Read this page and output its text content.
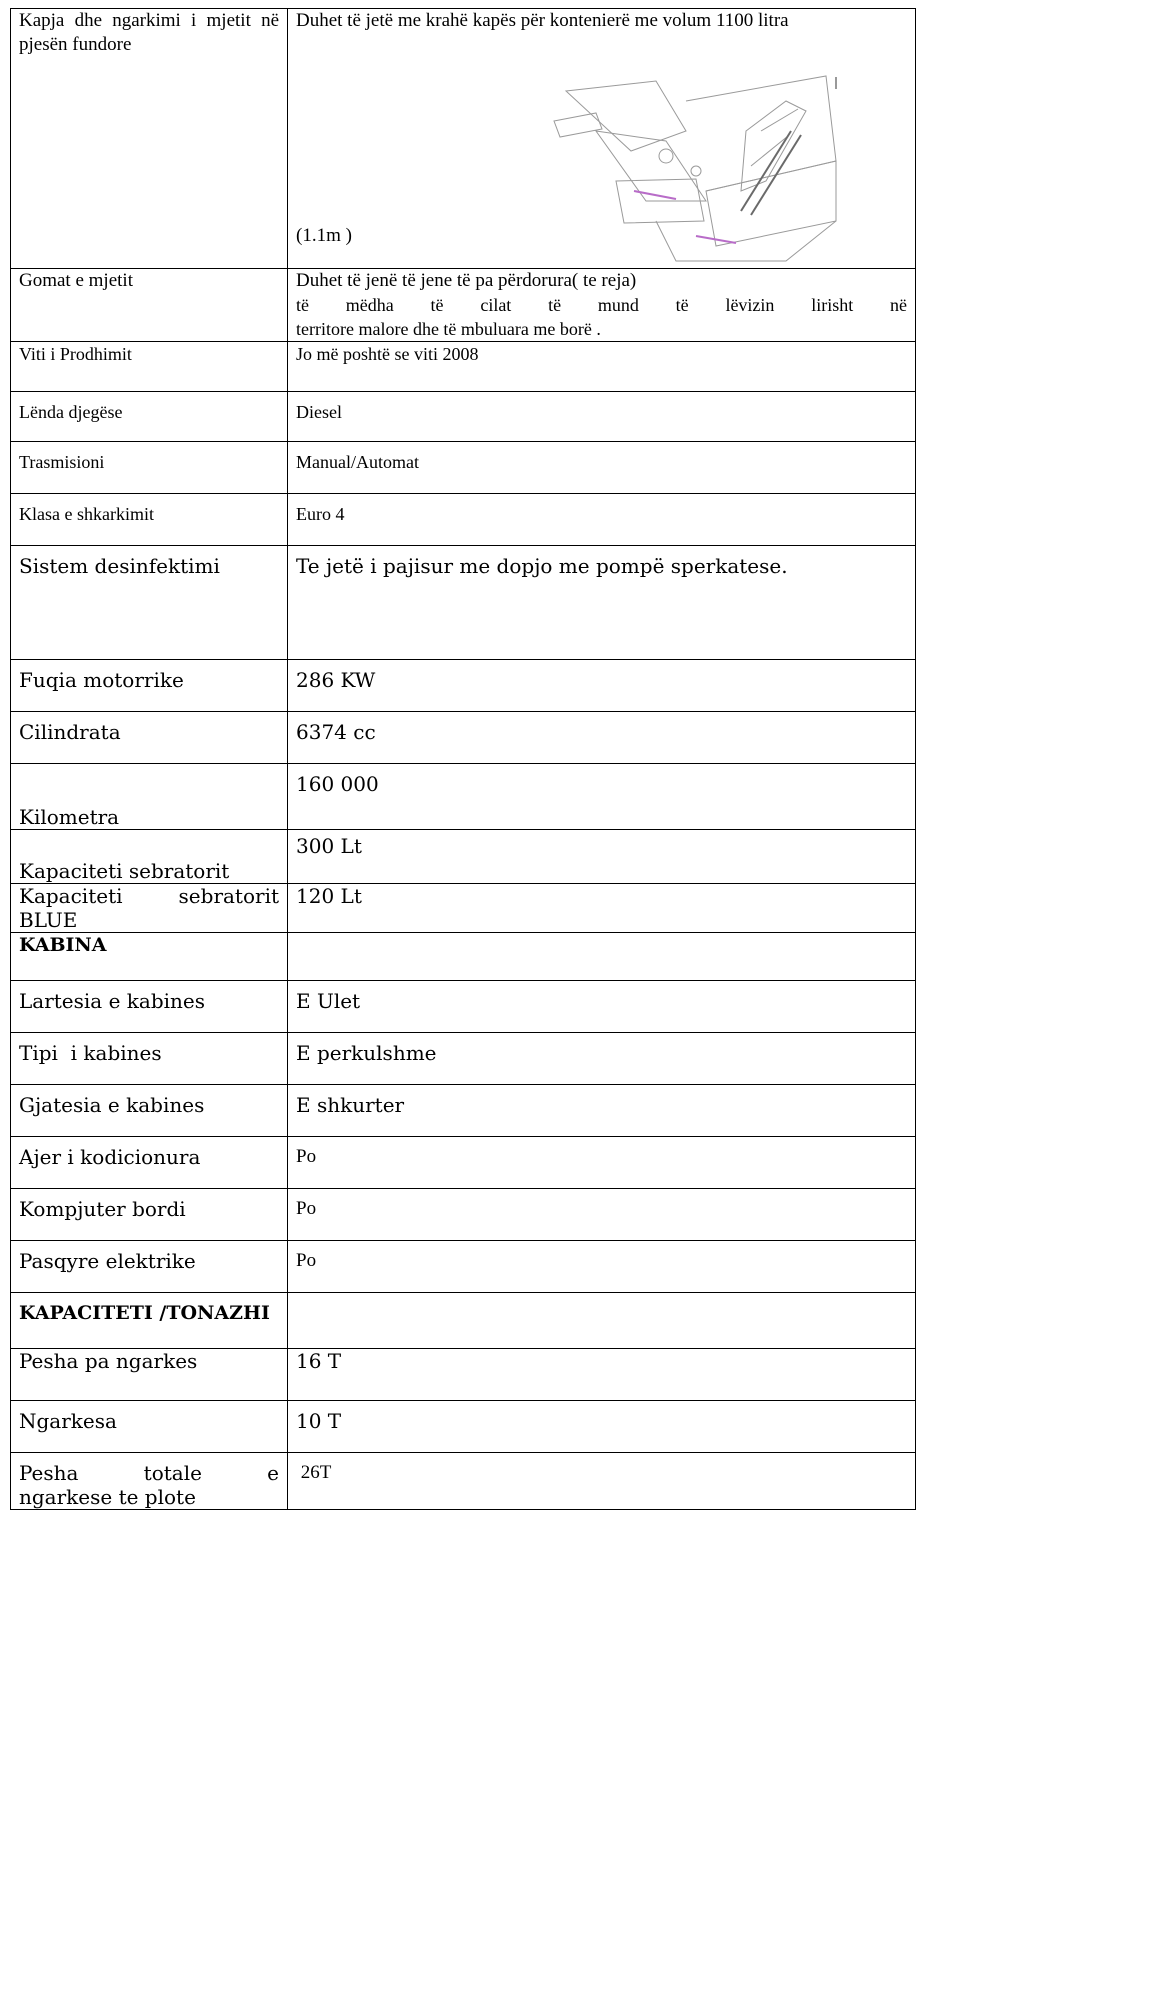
Kapja dhe ngarkimi i mjetit në pjesën fundore	Duhet të jetë me krahë kapës për kontenierë me volum 1100 litra
(1.1m )

Gomat e mjetit	Duhet të jenë të jene të pa përdorura( te reja)
të mëdha të cilat të mund të lëvizin lirisht në
territore malore dhe të mbuluara me borë .

Viti i Prodhimit	Jo më poshtë se viti 2008
Lënda djegëse	Diesel
Trasmisioni	Manual/Automat
Klasa e shkarkimit	Euro 4
Sistem desinfektimi	Te jetë i pajisur me dopjo me pompë sperkatese.
Fuqia motorrike	286 KW
Cilindrata	6374 cc
Kilometra	160 000
Kapaciteti sebratorit	300 Lt

Kapaciteti sebratorit
BLUE	120 Lt
KABINA	
Lartesia e kabines	E Ulet
Tipi  i kabines	E perkulshme
Gjatesia e kabines	E shkurter
Ajer i kodicionura	Po
Kompjuter bordi	Po
Pasqyre elektrike	Po
KAPACITETI /TONAZHI	
Pesha pa ngarkes	16 T
Ngarkesa	10 T

Pesha totale e
ngarkese te plote	26T
